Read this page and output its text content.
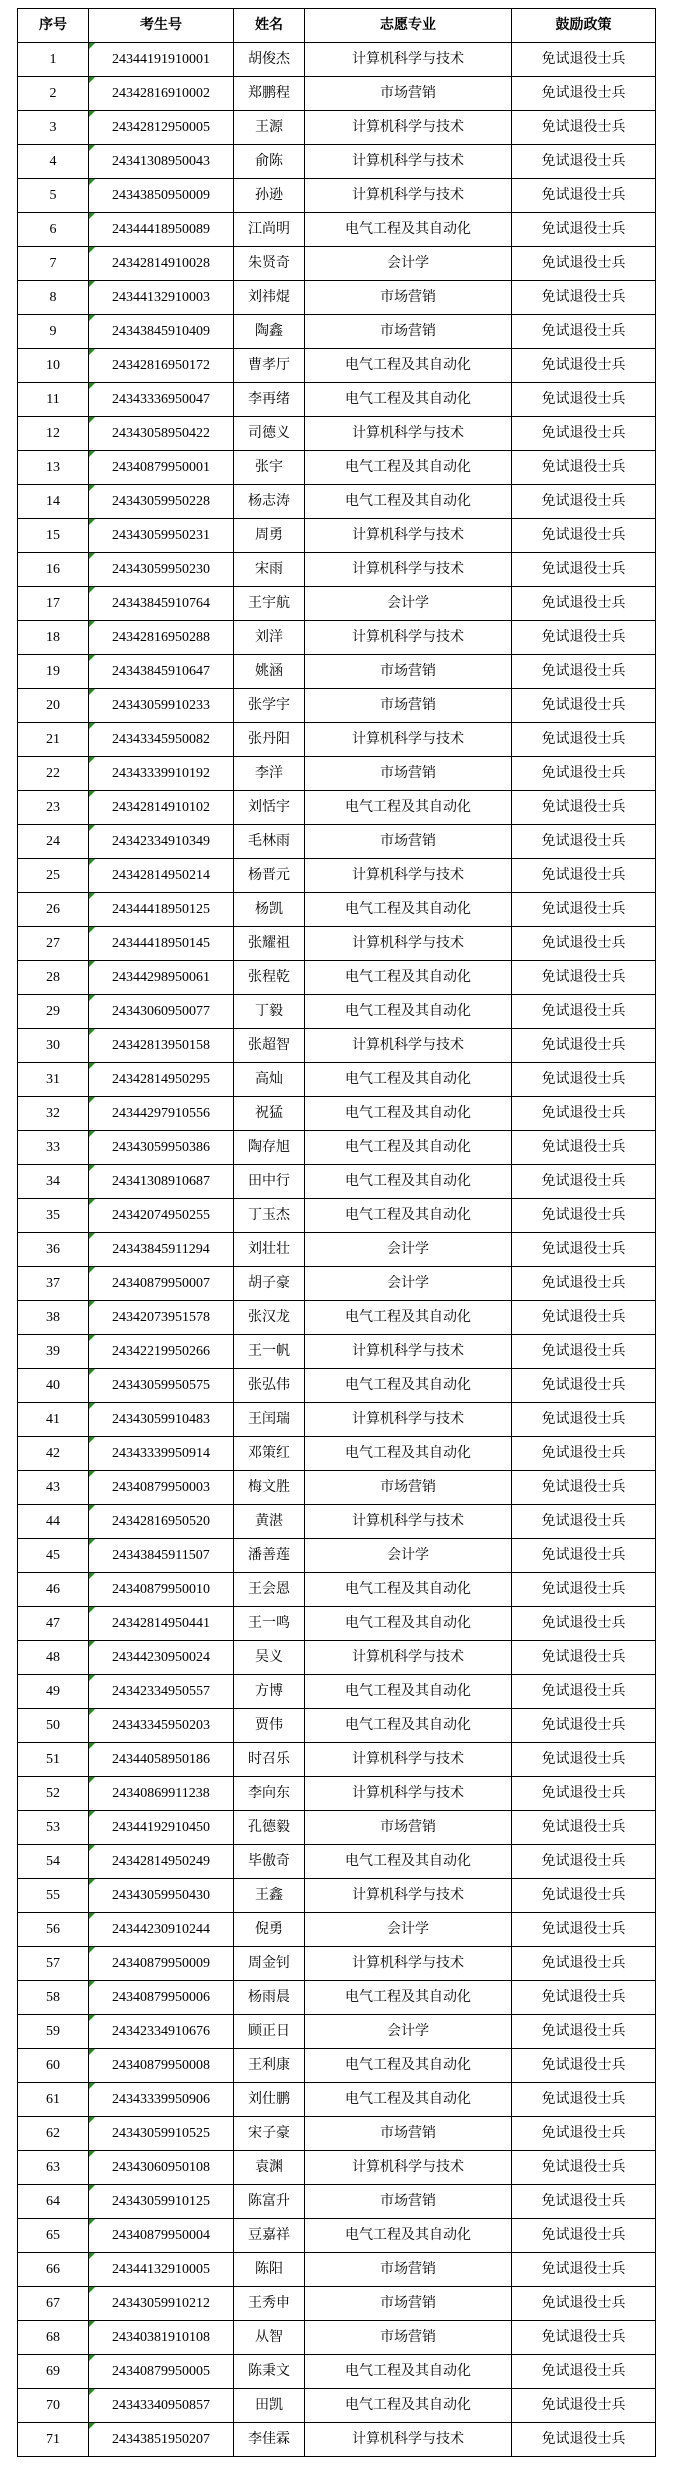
序号	考生号	姓名	志愿专业	鼓励政策
1	24344191910001	胡俊杰	计算机科学与技术	免试退役士兵
2	24342816910002	郑鹏程	市场营销	免试退役士兵
3	24342812950005	王源	计算机科学与技术	免试退役士兵
4	24341308950043	俞陈	计算机科学与技术	免试退役士兵
5	24343850950009	孙逊	计算机科学与技术	免试退役士兵
6	24344418950089	江尚明	电气工程及其自动化	免试退役士兵
7	24342814910028	朱贤奇	会计学	免试退役士兵
8	24344132910003	刘祎焜	市场营销	免试退役士兵
9	24343845910409	陶鑫	市场营销	免试退役士兵
10	24342816950172	曹孝厅	电气工程及其自动化	免试退役士兵
11	24343336950047	李再绪	电气工程及其自动化	免试退役士兵
12	24343058950422	司德义	计算机科学与技术	免试退役士兵
13	24340879950001	张宇	电气工程及其自动化	免试退役士兵
14	24343059950228	杨志涛	电气工程及其自动化	免试退役士兵
15	24343059950231	周勇	计算机科学与技术	免试退役士兵
16	24343059950230	宋雨	计算机科学与技术	免试退役士兵
17	24343845910764	王宇航	会计学	免试退役士兵
18	24342816950288	刘洋	计算机科学与技术	免试退役士兵
19	24343845910647	姚涵	市场营销	免试退役士兵
20	24343059910233	张学宇	市场营销	免试退役士兵
21	24343345950082	张丹阳	计算机科学与技术	免试退役士兵
22	24343339910192	李洋	市场营销	免试退役士兵
23	24342814910102	刘恬宇	电气工程及其自动化	免试退役士兵
24	24342334910349	毛林雨	市场营销	免试退役士兵
25	24342814950214	杨晋元	计算机科学与技术	免试退役士兵
26	24344418950125	杨凯	电气工程及其自动化	免试退役士兵
27	24344418950145	张耀祖	计算机科学与技术	免试退役士兵
28	24344298950061	张程乾	电气工程及其自动化	免试退役士兵
29	24343060950077	丁毅	电气工程及其自动化	免试退役士兵
30	24342813950158	张超智	计算机科学与技术	免试退役士兵
31	24342814950295	高灿	电气工程及其自动化	免试退役士兵
32	24344297910556	祝猛	电气工程及其自动化	免试退役士兵
33	24343059950386	陶存旭	电气工程及其自动化	免试退役士兵
34	24341308910687	田中行	电气工程及其自动化	免试退役士兵
35	24342074950255	丁玉杰	电气工程及其自动化	免试退役士兵
36	24343845911294	刘壮壮	会计学	免试退役士兵
37	24340879950007	胡子豪	会计学	免试退役士兵
38	24342073951578	张汉龙	电气工程及其自动化	免试退役士兵
39	24342219950266	王一帆	计算机科学与技术	免试退役士兵
40	24343059950575	张弘伟	电气工程及其自动化	免试退役士兵
41	24343059910483	王闰瑞	计算机科学与技术	免试退役士兵
42	24343339950914	邓策红	电气工程及其自动化	免试退役士兵
43	24340879950003	梅文胜	市场营销	免试退役士兵
44	24342816950520	黄湛	计算机科学与技术	免试退役士兵
45	24343845911507	潘善莲	会计学	免试退役士兵
46	24340879950010	王会恩	电气工程及其自动化	免试退役士兵
47	24342814950441	王一鸣	电气工程及其自动化	免试退役士兵
48	24344230950024	吴义	计算机科学与技术	免试退役士兵
49	24342334950557	方博	电气工程及其自动化	免试退役士兵
50	24343345950203	贾伟	电气工程及其自动化	免试退役士兵
51	24344058950186	时召乐	计算机科学与技术	免试退役士兵
52	24340869911238	李向东	计算机科学与技术	免试退役士兵
53	24344192910450	孔德毅	市场营销	免试退役士兵
54	24342814950249	毕傲奇	电气工程及其自动化	免试退役士兵
55	24343059950430	王鑫	计算机科学与技术	免试退役士兵
56	24344230910244	倪勇	会计学	免试退役士兵
57	24340879950009	周金钊	计算机科学与技术	免试退役士兵
58	24340879950006	杨雨晨	电气工程及其自动化	免试退役士兵
59	24342334910676	顾正日	会计学	免试退役士兵
60	24340879950008	王利康	电气工程及其自动化	免试退役士兵
61	24343339950906	刘仕鹏	电气工程及其自动化	免试退役士兵
62	24343059910525	宋子豪	市场营销	免试退役士兵
63	24343060950108	袁渊	计算机科学与技术	免试退役士兵
64	24343059910125	陈富升	市场营销	免试退役士兵
65	24340879950004	豆嘉祥	电气工程及其自动化	免试退役士兵
66	24344132910005	陈阳	市场营销	免试退役士兵
67	24343059910212	王秀申	市场营销	免试退役士兵
68	24340381910108	从智	市场营销	免试退役士兵
69	24340879950005	陈秉文	电气工程及其自动化	免试退役士兵
70	24343340950857	田凯	电气工程及其自动化	免试退役士兵
71	24343851950207	李佳霖	计算机科学与技术	免试退役士兵
